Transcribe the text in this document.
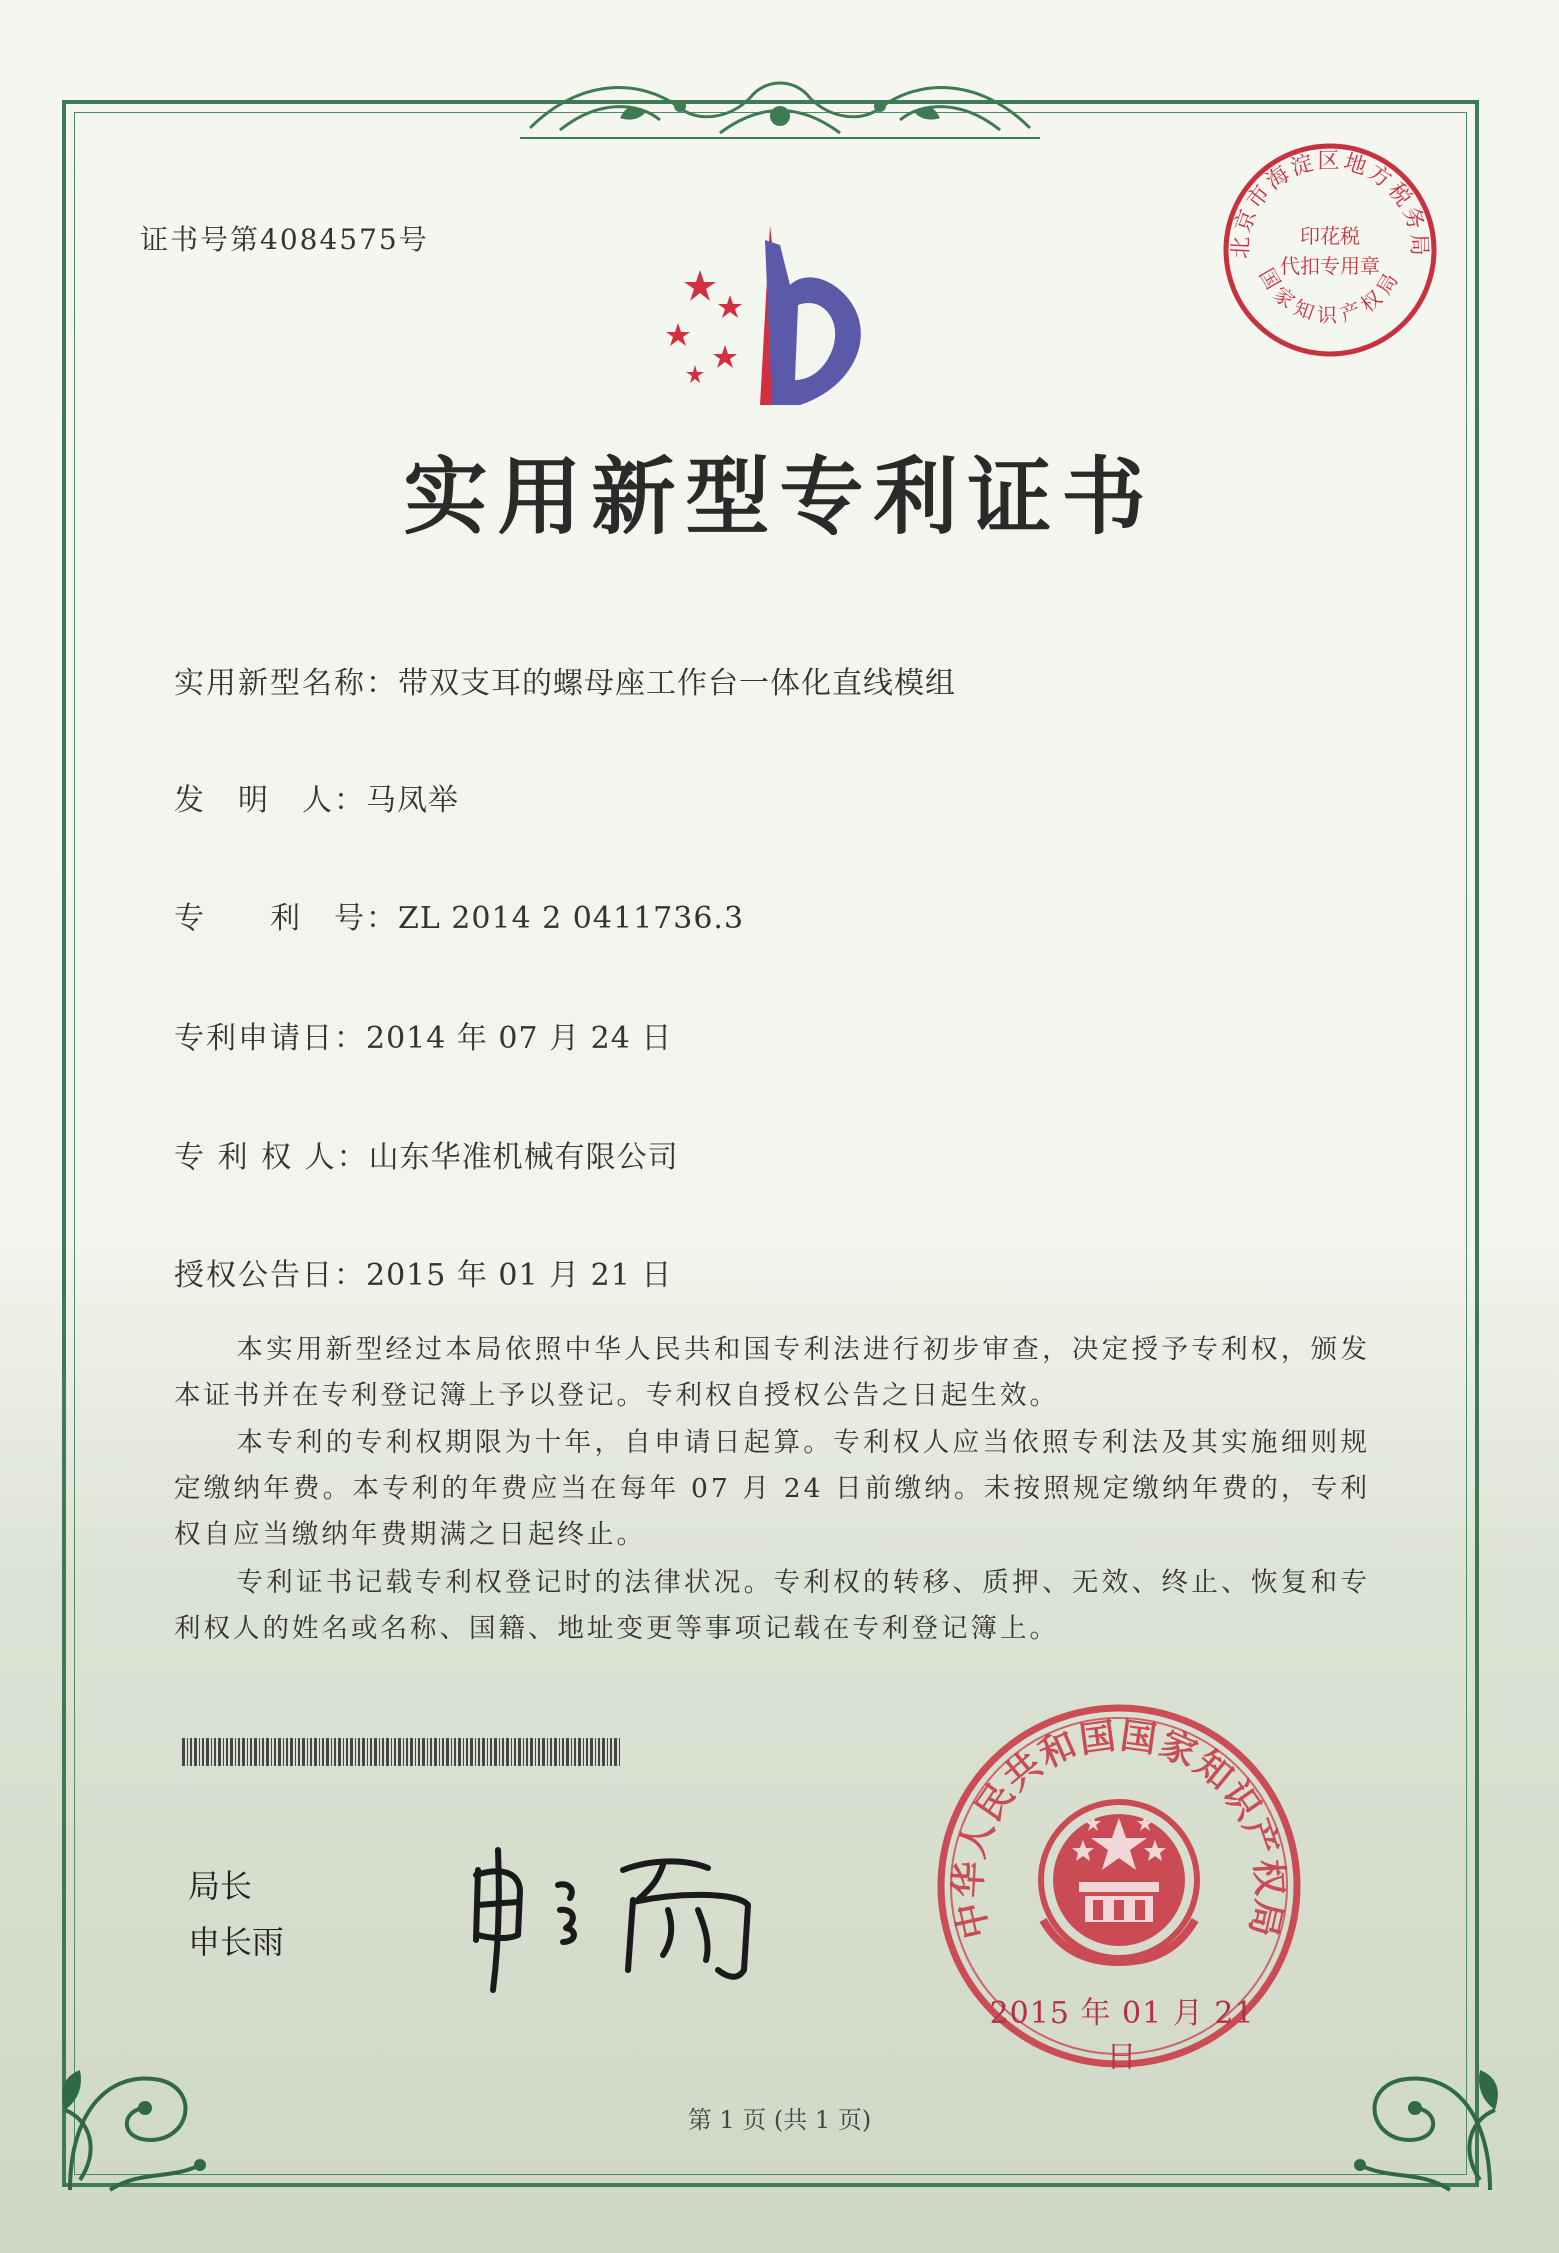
证书号第4084575号	北京市海淀区地方税务局
国家知识产权局
印花税
代扣专用章
实用新型专利证书
实用新型名称：带双支耳的螺母座工作台一体化直线模组
发　明　人：马凤举
专　　利　号：ZL 2014 2 0411736.3
专利申请日：2014 年 07 月 24 日
专 利 权 人：山东华准机械有限公司
授权公告日：2015 年 01 月 21 日

本实用新型经过本局依照中华人民共和国专利法进行初步审查，决定授予专利权，颁发本证书并在专利登记簿上予以登记。专利权自授权公告之日起生效。

本专利的专利权期限为十年，自申请日起算。专利权人应当依照专利法及其实施细则规定缴纳年费。本专利的年费应当在每年 07 月 24 日前缴纳。未按照规定缴纳年费的，专利权自应当缴纳年费期满之日起终止。

专利证书记载专利权登记时的法律状况。专利权的转移、质押、无效、终止、恢复和专利权人的姓名或名称、国籍、地址变更等事项记载在专利登记簿上。

局长
申长雨	中华人民共和国国家知识产权局
2015 年 01 月 21 日
第 1 页 (共 1 页)
